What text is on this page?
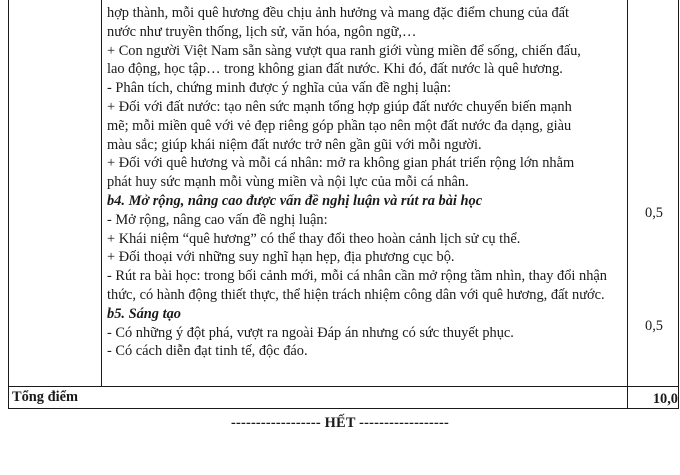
hợp thành, mỗi quê hương đều chịu ảnh hưởng và mang đặc điểm chung của đất
nước như truyền thống, lịch sử, văn hóa, ngôn ngữ,…
+ Con người Việt Nam sẵn sàng vượt qua ranh giới vùng miền để sống, chiến đấu,
lao động, học tập… trong không gian đất nước. Khi đó, đất nước là quê hương.
- Phân tích, chứng minh được ý nghĩa của vấn đề nghị luận:
+ Đối với đất nước: tạo nên sức mạnh tổng hợp giúp đất nước chuyển biến mạnh
mẽ; mỗi miền quê với vẻ đẹp riêng góp phần tạo nên một đất nước đa dạng, giàu
màu sắc; giúp khái niệm đất nước trở nên gần gũi với mỗi người.
+ Đối với quê hương và mỗi cá nhân: mở ra không gian phát triển rộng lớn nhằm
phát huy sức mạnh mỗi vùng miền và nội lực của mỗi cá nhân.
b4. Mở rộng, nâng cao được vấn đề nghị luận và rút ra bài học
- Mở rộng, nâng cao vấn đề nghị luận:
+ Khái niệm “quê hương” có thể thay đổi theo hoàn cảnh lịch sử cụ thể.
+ Đối thoại với những suy nghĩ hạn hẹp, địa phương cục bộ.
- Rút ra bài học: trong bối cảnh mới, mỗi cá nhân cần mở rộng tầm nhìn, thay đổi nhận
thức, có hành động thiết thực, thể hiện trách nhiệm công dân với quê hương, đất nước.
b5. Sáng tạo
- Có những ý đột phá, vượt ra ngoài Đáp án nhưng có sức thuyết phục.
- Có cách diễn đạt tinh tế, độc đáo.
0,5
0,5
Tổng điểm	10,0
------------------ HẾT ------------------
